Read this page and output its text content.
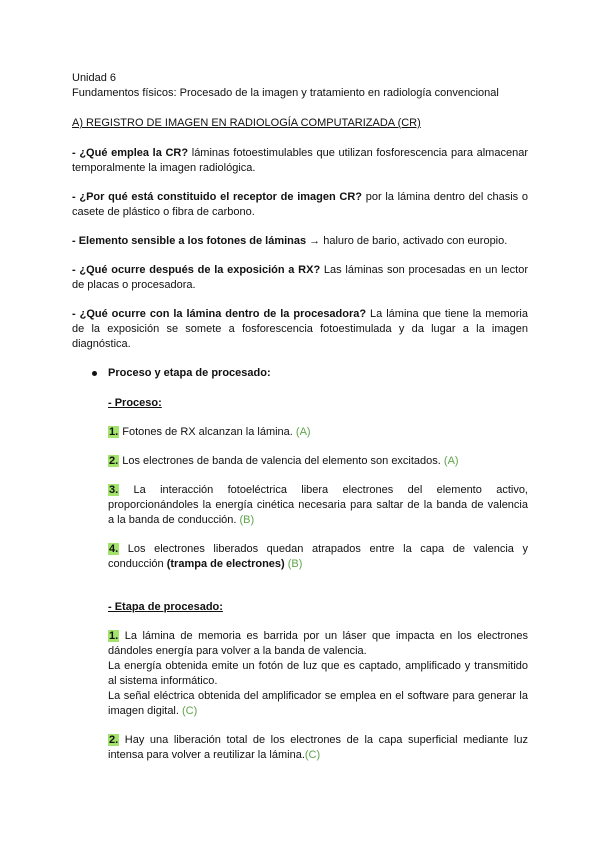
Unidad 6

Fundamentos físicos: Procesado de la imagen y tratamiento en radiología convencional

A) REGISTRO DE IMAGEN EN RADIOLOGÍA COMPUTARIZADA (CR)

- ¿Qué emplea la CR? láminas fotoestimulables que utilizan fosforescencia para almacenar

temporalmente la imagen radiológica.

- ¿Por qué está constituido el receptor de imagen CR? por la lámina dentro del chasis o

casete de plástico o fibra de carbono.

- Elemento sensible a los fotones de láminas → haluro de bario, activado con europio.

- ¿Qué ocurre después de la exposición a RX? Las láminas son procesadas en un lector

de placas o procesadora.

- ¿Qué ocurre con la lámina dentro de la procesadora? La lámina que tiene la memoria

de la exposición se somete a fosforescencia fotoestimulada y da lugar a la imagen

diagnóstica.

Proceso y etapa de procesado:

- Proceso:

1. Fotones de RX alcanzan la lámina. (A)

2. Los electrones de banda de valencia del elemento son excitados. (A)

3. La interacción fotoeléctrica libera electrones del elemento activo,

proporcionándoles la energía cinética necesaria para saltar de la banda de valencia

a la banda de conducción. (B)

4. Los electrones liberados quedan atrapados entre la capa de valencia y

conducción (trampa de electrones) (B)

- Etapa de procesado:

1. La lámina de memoria es barrida por un láser que impacta en los electrones

dándoles energía para volver a la banda de valencia.

La energía obtenida emite un fotón de luz que es captado, amplificado y transmitido

al sistema informático.

La señal eléctrica obtenida del amplificador se emplea en el software para generar la

imagen digital. (C)

2. Hay una liberación total de los electrones de la capa superficial mediante luz

intensa para volver a reutilizar la lámina.(C)
